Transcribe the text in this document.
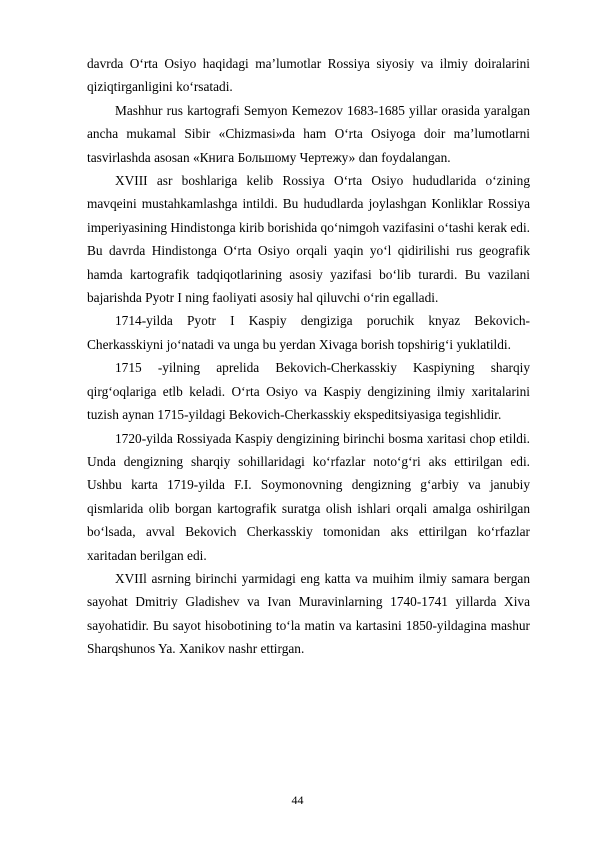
davrda O‘rta Osiyo haqidagi ma’lumotlar Rossiya siyosiy va ilmiy doiralarini qiziqtirganligini ko‘rsatadi.

Mashhur rus kartografi Semyon Kemezov 1683-1685 yillar orasida yaralgan ancha mukamal Sibir «Chizmasi»da ham O‘rta Osiyoga doir ma’lumotlarni tasvirlashda asosan «Книга Большому Чертежу» dan foydalangan.

XVIII asr boshlariga kelib Rossiya O‘rta Osiyo hududlarida o‘zining mavqeini mustahkamlashga intildi. Bu hududlarda joylashgan Konliklar Rossiya imperiyasining Hindistonga kirib borishida qo‘nimgoh vazifasini o‘tashi kerak edi. Bu davrda Hindistonga O‘rta Osiyo orqali yaqin yo‘l qidirilishi rus geografik hamda kartografik tadqiqotlarining asosiy yazifasi bo‘lib turardi. Bu vazilani bajarishda Pyotr I ning faoliyati asosiy hal qiluvchi o‘rin egalladi.

1714-yilda Pyotr I Kaspiy dengiziga poruchik knyaz Bekovich-Cherkasskiyni jo‘natadi va unga bu yerdan Xivaga borish topshirig‘i yuklatildi.

1715 -yilning aprelida Bekovich-Cherkasskiy Kaspiyning sharqiy qirg‘oqlariga etlb keladi. O‘rta Osiyo va Kaspiy dengizining ilmiy xaritalarini tuzish aynan 1715-yildagi Bekovich-Cherkasskiy ekspeditsiyasiga tegishlidir.

1720-yilda Rossiyada Kaspiy dengizining birinchi bosma xaritasi chop etildi. Unda dengizning sharqiy sohillaridagi ko‘rfazlar noto‘g‘ri aks ettirilgan edi. Ushbu karta 1719-yilda F.I. Soymonovning dengizning g‘arbiy va janubiy qismlarida olib borgan kartografik suratga olish ishlari orqali amalga oshirilgan bo‘lsada, avval Bekovich Cherkasskiy tomonidan aks ettirilgan ko‘rfazlar xaritadan berilgan edi.

XVIIl asrning birinchi yarmidagi eng katta va muihim ilmiy samara bergan sayohat Dmitriy Gladishev va Ivan Muravinlarning 1740-1741 yillarda Xiva sayohatidir. Bu sayot hisobotining to‘la matin va kartasini 1850-yildagina mashur Sharqshunos Ya. Xanikov nashr ettirgan.

44
